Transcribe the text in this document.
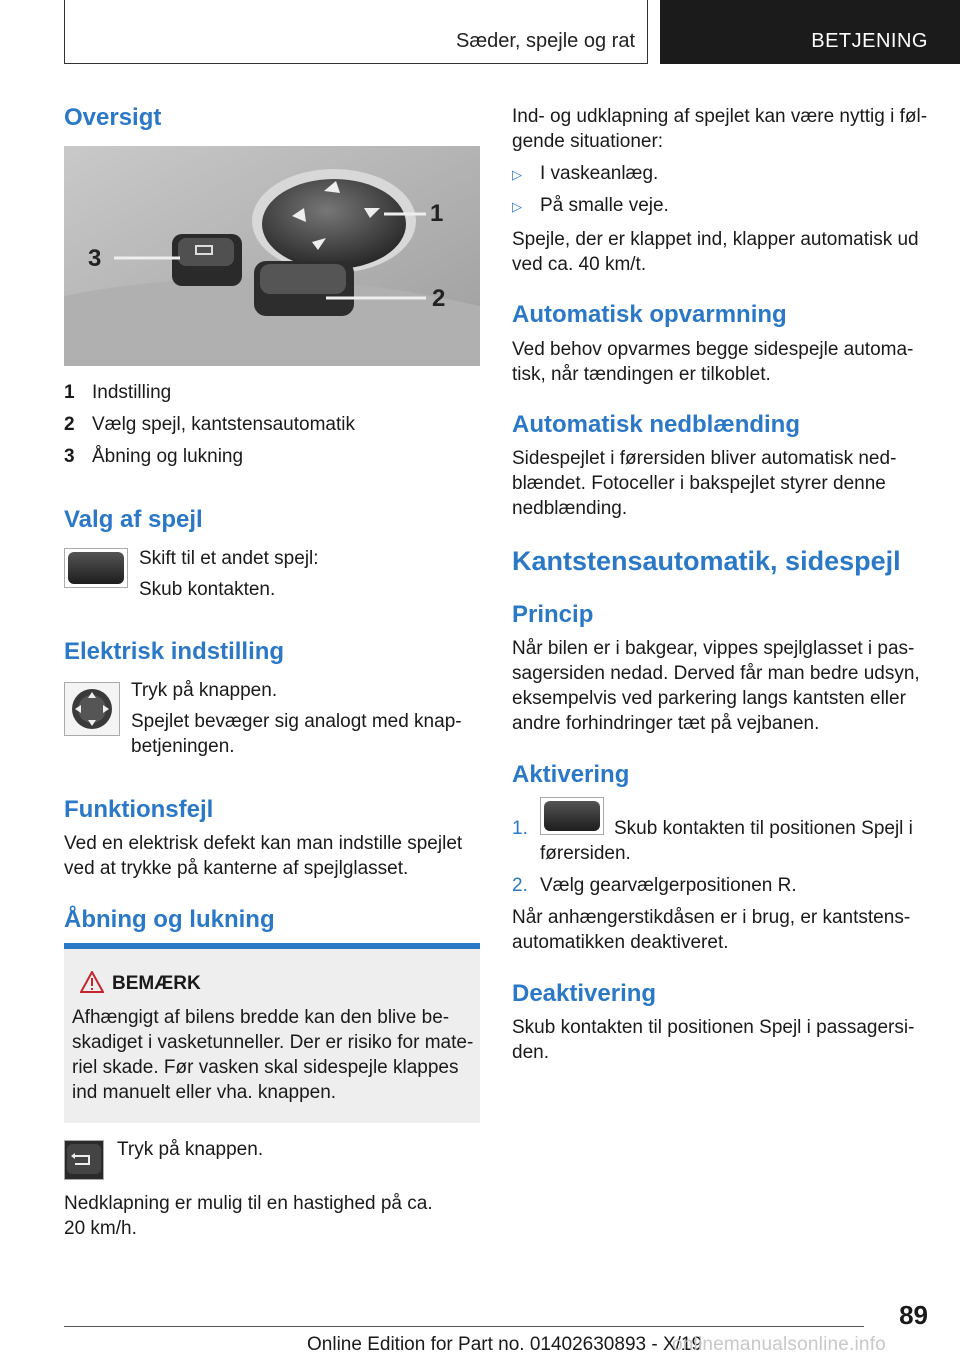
Sæder, spejle og rat	BETJENING
Oversigt
1
2
3
1 Indstilling
2 Vælg spejl, kantstensautomatik
3 Åbning og lukning
Valg af spejl

Skift til et andet spejl:

Skub kontakten.

Elektrisk indstilling

Tryk på knappen.

Spejlet bevæger sig analogt med knap-

betjeningen.

Funktionsfejl

Ved en elektrisk defekt kan man indstille spejlet

ved at trykke på kanterne af spejlglasset.

Åbning og lukning
BEMÆRK

Afhængigt af bilens bredde kan den blive be-

skadiget i vasketunneller. Der er risiko for mate-

riel skade. Før vasken skal sidespejle klappes

ind manuelt eller vha. knappen.

Tryk på knappen.

Nedklapning er mulig til en hastighed på ca.

20 km/h.

Ind- og udklapning af spejlet kan være nyttig i føl-

gende situationer:

▷ I vaskeanlæg.
▷ På smalle veje.

Spejle, der er klappet ind, klapper automatisk ud

ved ca. 40 km/t.

Automatisk opvarmning

Ved behov opvarmes begge sidespejle automa-

tisk, når tændingen er tilkoblet.

Automatisk nedblænding

Sidespejlet i førersiden bliver automatisk ned-

blændet. Fotoceller i bakspejlet styrer denne

nedblænding.

Kantstensautomatik, sidespejl
Princip

Når bilen er i bakgear, vippes spejlglasset i pas-

sagersiden nedad. Derved får man bedre udsyn,

eksempelvis ved parkering langs kantsten eller

andre forhindringer tæt på vejbanen.

Aktivering
1.	Skub kontakten til positionen Spejl i

førersiden.

2. Vælg gearvælgerpositionen R.

Når anhængerstikdåsen er i brug, er kantstens-

automatikken deaktiveret.

Deaktivering

Skub kontakten til positionen Spejl i passagersi-

den.

89
Online Edition for Part no. 01402630893 - X/19
onlinemanualsonline.info
